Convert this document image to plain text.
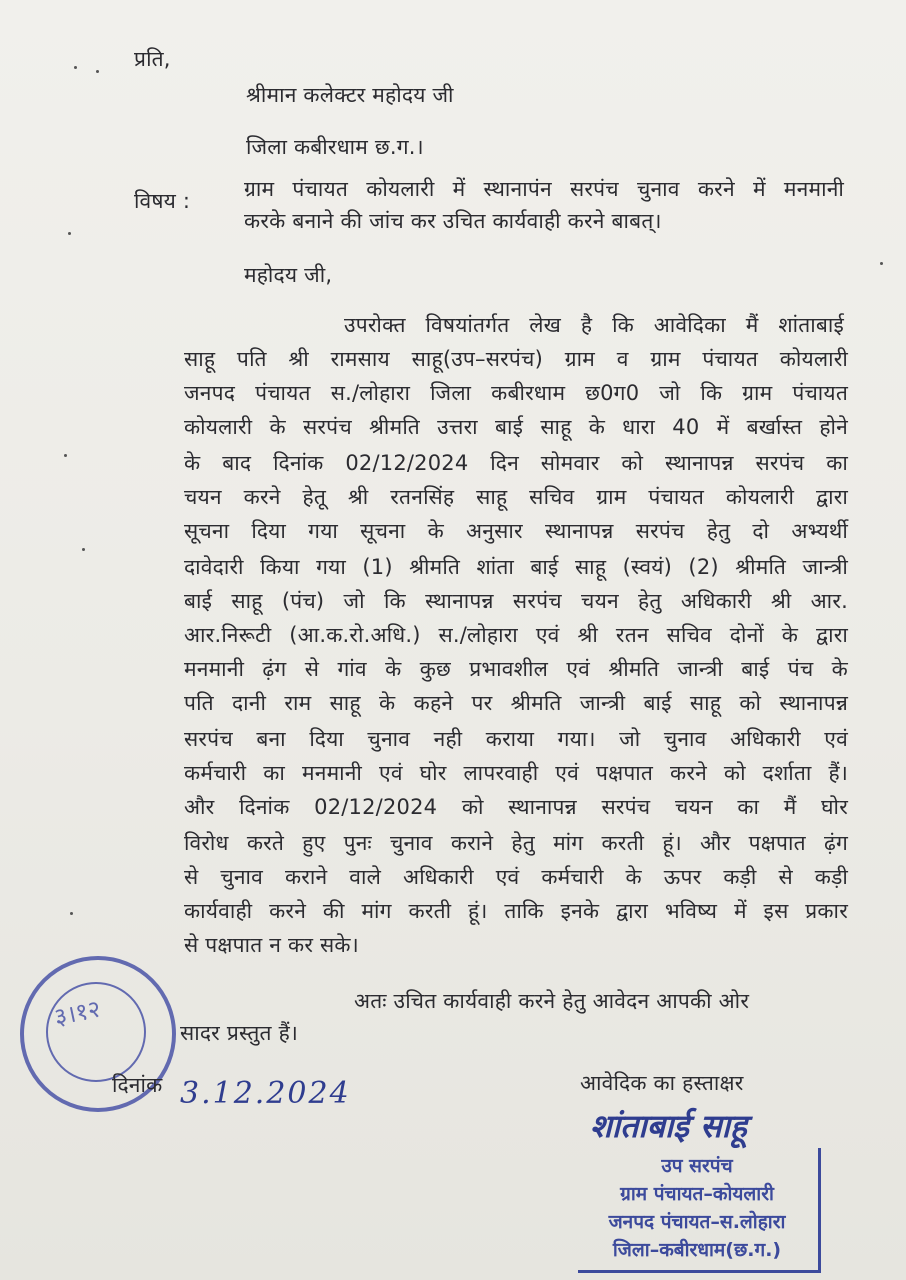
प्रति,
श्रीमान कलेक्टर महोदय जी
जिला कबीरधाम छ.ग.।
विषय :	ग्राम पंचायत कोयलारी में स्थानापंन सरपंच चुनाव करने में मनमानी
करके बनाने की जांच कर उचित कार्यवाही करने बाबत्।
महोदय जी,
उपरोक्त विषयांतर्गत लेख है कि आवेदिका मैं शांताबाई
साहू पति श्री रामसाय साहू(उप–सरपंच) ग्राम व ग्राम पंचायत कोयलारी
जनपद पंचायत स./लोहारा जिला कबीरधाम छ0ग0 जो कि ग्राम पंचायत
कोयलारी के सरपंच श्रीमति उत्तरा बाई साहू के धारा 40 में बर्खास्त होने
के बाद दिनांक 02/12/2024 दिन सोमवार को स्थानापन्न सरपंच का
चयन करने हेतू श्री रतनसिंह साहू सचिव ग्राम पंचायत कोयलारी द्वारा
सूचना दिया गया सूचना के अनुसार स्थानापन्न सरपंच हेतु दो अभ्यर्थी
दावेदारी किया गया (1) श्रीमति शांता बाई साहू (स्वयं) (2) श्रीमति जान्त्री
बाई साहू (पंच) जो कि स्थानापन्न सरपंच चयन हेतु अधिकारी श्री आर.
आर.निरूटी (आ.क.रो.अधि.) स./लोहारा एवं श्री रतन सचिव दोनों के द्वारा
मनमानी ढ़ंग से गांव के कुछ प्रभावशील एवं श्रीमति जान्त्री बाई पंच के
पति दानी राम साहू के कहने पर श्रीमति जान्त्री बाई साहू को स्थानापन्न
सरपंच बना दिया चुनाव नही कराया गया। जो चुनाव अधिकारी एवं
कर्मचारी का मनमानी एवं घोर लापरवाही एवं पक्षपात करने को दर्शाता हैं।
और दिनांक 02/12/2024 को स्थानापन्न सरपंच चयन का मैं घोर
विरोध करते हुए पुनः चुनाव कराने हेतु मांग करती हूं। और पक्षपात ढ़ंग
से चुनाव कराने वाले अधिकारी एवं कर्मचारी के ऊपर कड़ी से कड़ी
कार्यवाही करने की मांग करती हूं। ताकि इनके द्वारा भविष्य में इस प्रकार
से पक्षपात न कर सके।
अतः उचित कार्यवाही करने हेतु आवेदन आपकी ओर
सादर प्रस्तुत हैं।
३।१२
दिनांक 3.12.2024	आवेदिक का हस्ताक्षर
शांताबाई साहू
उप सरपंच
ग्राम पंचायत–कोयलारी
जनपद पंचायत–स.लोहारा
जिला–कबीरधाम(छ.ग.)
